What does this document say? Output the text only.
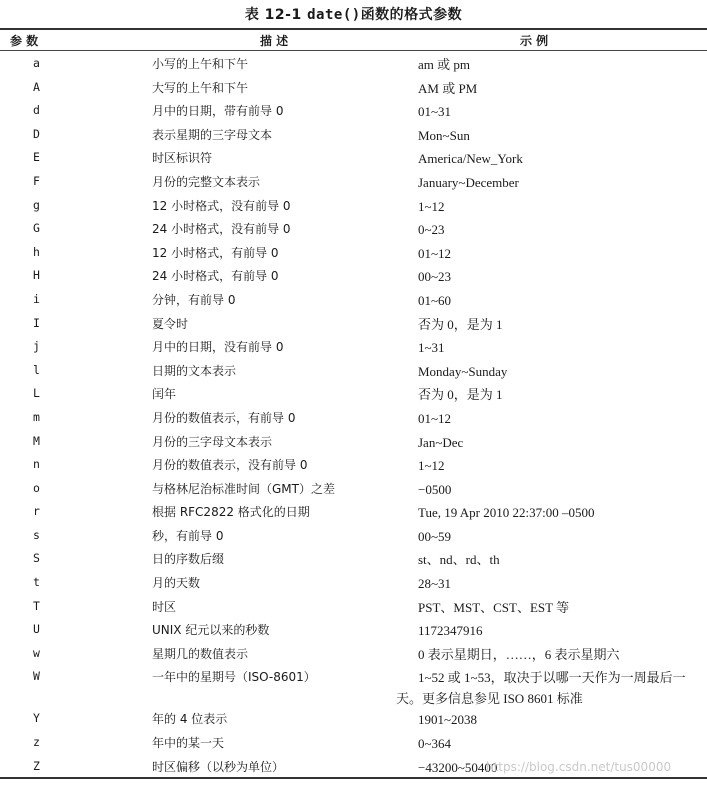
表 12-1 date()函数的格式参数
参 数	描 述	示 例
a	小写的上午和下午	am 或 pm
A	大写的上午和下午	AM 或 PM
d	月中的日期，带有前导 0	01~31
D	表示星期的三字母文本	Mon~Sun
E	时区标识符	America/New_York
F	月份的完整文本表示	January~December
g	12 小时格式，没有前导 0	1~12
G	24 小时格式，没有前导 0	0~23
h	12 小时格式，有前导 0	01~12
H	24 小时格式，有前导 0	00~23
i	分钟，有前导 0	01~60
I	夏令时	否为 0，是为 1
j	月中的日期，没有前导 0	1~31
l	日期的文本表示	Monday~Sunday
L	闰年	否为 0，是为 1
m	月份的数值表示，有前导 0	01~12
M	月份的三字母文本表示	Jan~Dec
n	月份的数值表示，没有前导 0	1~12
o	与格林尼治标准时间（GMT）之差	−0500
r	根据 RFC2822 格式化的日期	Tue, 19 Apr 2010 22:37:00 –0500
s	秒，有前导 0	00~59
S	日的序数后缀	st、nd、rd、th
t	月的天数	28~31
T	时区	PST、MST、CST、EST 等
U	UNIX 纪元以来的秒数	1172347916
w	星期几的数值表示	0 表示星期日，……，6 表示星期六
W	一年中的星期号（ISO-8601）	1~52 或 1~53，取决于以哪一天作为一周最后一
天。更多信息参见 ISO 8601 标准
Y	年的 4 位表示	1901~2038
z	年中的某一天	0~364
Z	时区偏移（以秒为单位）	−43200~50400
https://blog.csdn.net/tus00000
